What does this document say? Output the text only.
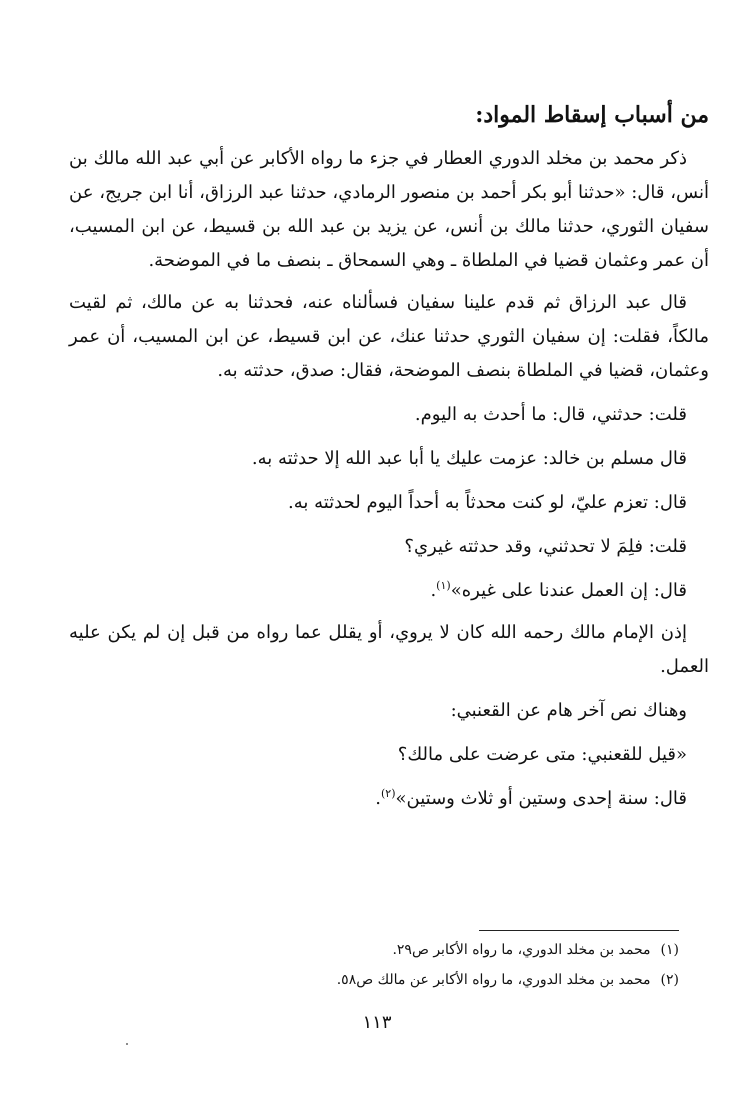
من أسباب إسقاط المواد:

ذكر محمد بن مخلد الدوري العطار في جزء ما رواه الأكابر عن أبي عبد الله مالك بن أنس، قال: «حدثنا أبو بكر أحمد بن منصور الرمادي، حدثنا عبد الرزاق، أنا ابن جريج، عن سفيان الثوري، حدثنا مالك بن أنس، عن يزيد بن عبد الله بن قسيط، عن ابن المسيب، أن عمر وعثمان قضيا في الملطاة ـ وهي السمحاق ـ بنصف ما في الموضحة.

قال عبد الرزاق ثم قدم علينا سفيان فسألناه عنه، فحدثنا به عن مالك، ثم لقيت مالكاً، فقلت: إن سفيان الثوري حدثنا عنك، عن ابن قسيط، عن ابن المسيب، أن عمر وعثمان، قضيا في الملطاة بنصف الموضحة، فقال: صدق، حدثته به.

قلت: حدثني، قال: ما أحدث به اليوم.

قال مسلم بن خالد: عزمت عليك يا أبا عبد الله إلا حدثته به.

قال: تعزم عليّ، لو كنت محدثاً به أحداً اليوم لحدثته به.

قلت: فلِمَ لا تحدثني، وقد حدثته غيري؟

قال: إن العمل عندنا على غيره»$^{(١)}$.

إذن الإمام مالك رحمه الله كان لا يروي، أو يقلل عما رواه من قبل إن لم يكن عليه العمل.

وهناك نص آخر هام عن القعنبي:

«قيل للقعنبي: متى عرضت على مالك؟

قال: سنة إحدى وستين أو ثلاث وستين»$^{(٢)}$.

(١)محمد بن مخلد الدوري، ما رواه الأكابر ص٢٩.

(٢)محمد بن مخلد الدوري، ما رواه الأكابر عن مالك ص٥٨.

١١٣
